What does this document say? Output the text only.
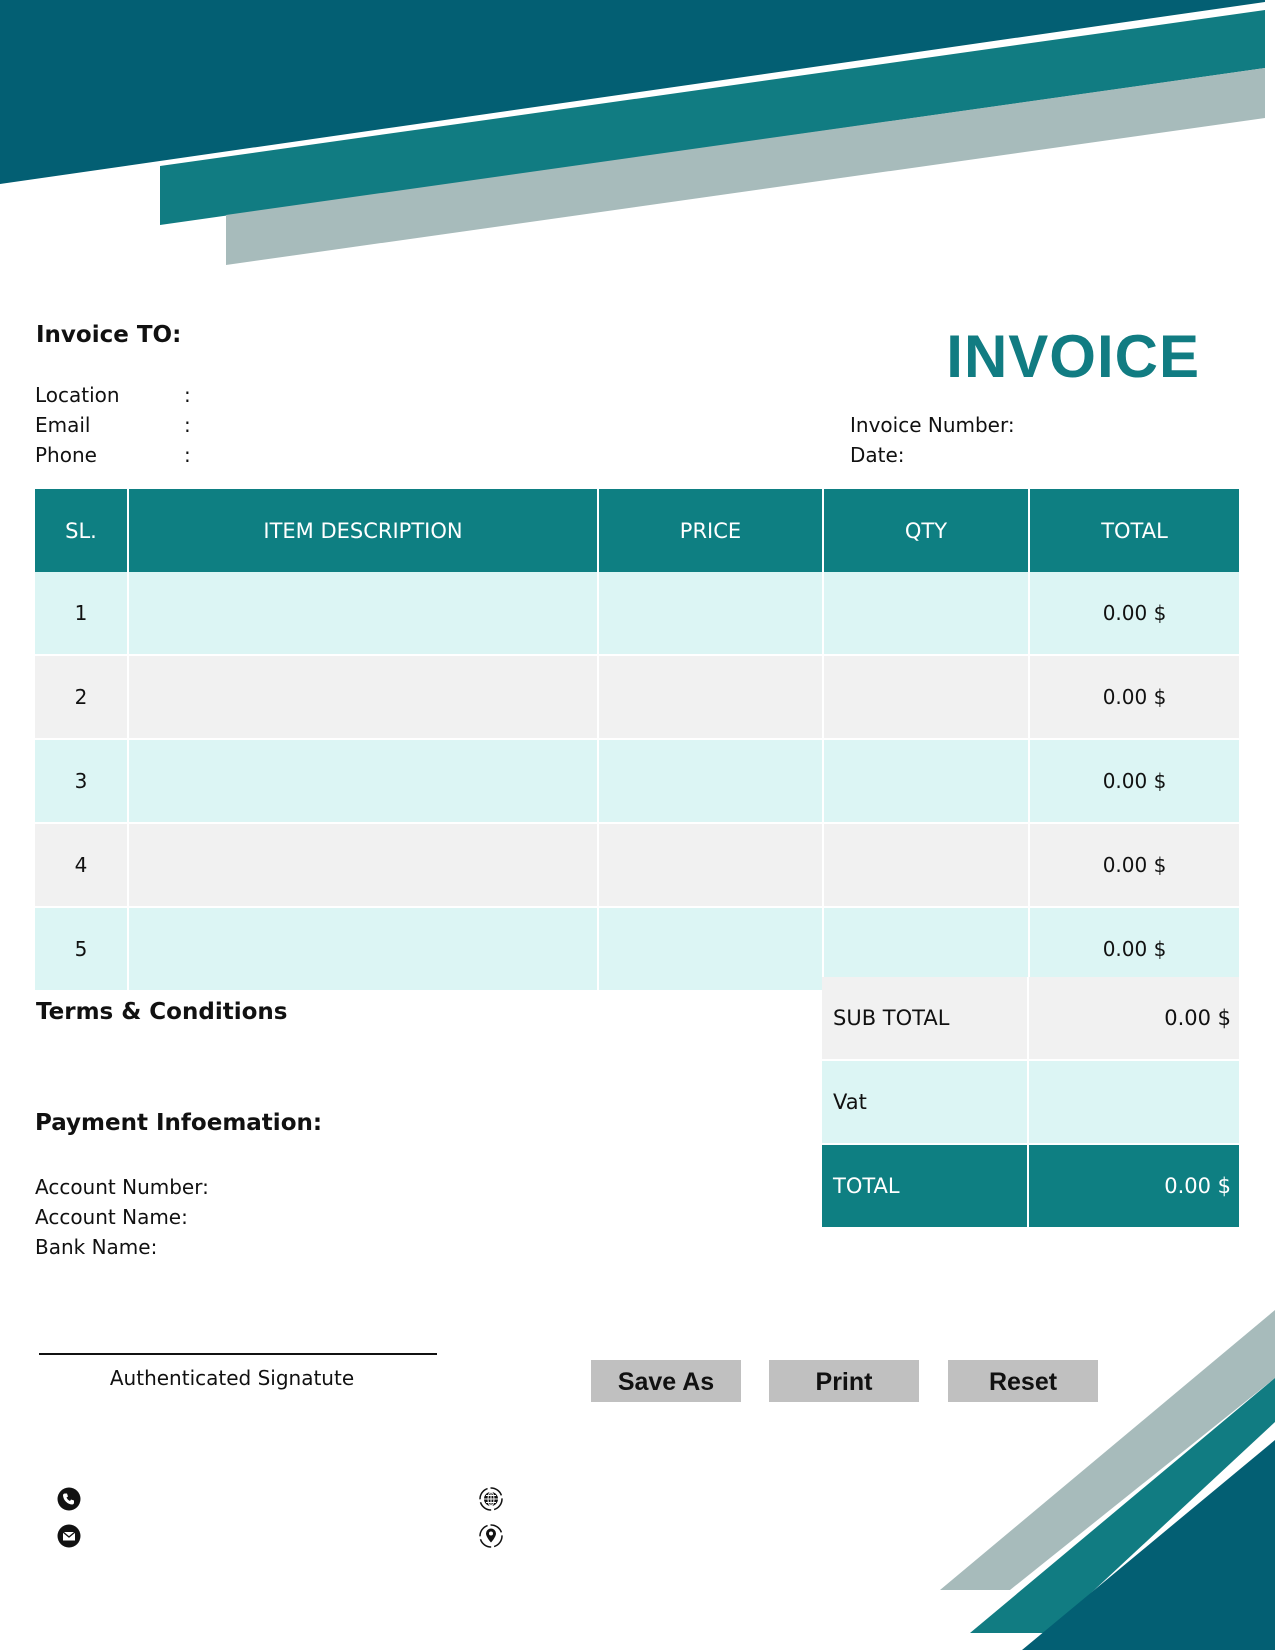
Invoice TO:
Location	:
Email	:
Phone	:
INVOICE
Invoice Number:
Date:
SL.	ITEM DESCRIPTION	PRICE	QTY	TOTAL
1				0.00 $
2				0.00 $
3				0.00 $
4				0.00 $
5				0.00 $
SUB TOTAL	0.00 $
Vat	
TOTAL	0.00 $
Terms & Conditions
Payment Infoemation:
Account Number:
Account Name:
Bank Name:
Authenticated Signatute	Save As	Print	Reset
